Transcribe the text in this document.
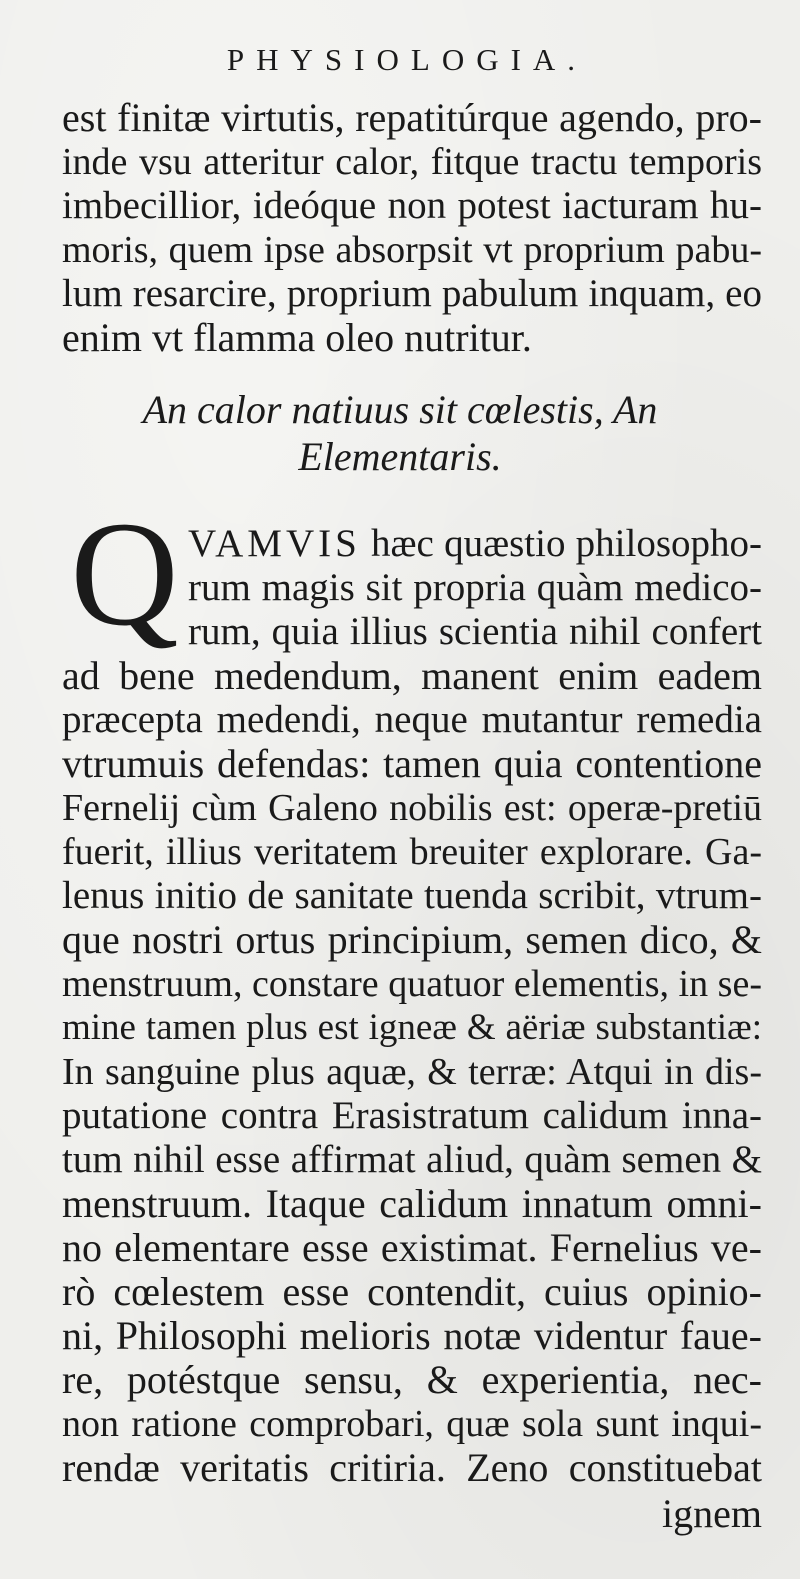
PHYSIOLOGIA.
est finitæ virtutis, repatitúrque agendo, pro-
inde vsu atteritur calor, fitque tractu temporis
imbecillior, ideóque non potest iacturam hu-
moris, quem ipse absorpsit vt proprium pabu-
lum resarcire, proprium pabulum inquam, eo
enim vt flamma oleo nutritur.
An calor natiuus sit cœlestis, An
Elementaris.
Q VAMVIS hæc quæstio philosopho-
rum magis sit propria quàm medico-
rum, quia illius scientia nihil confert
ad bene medendum, manent enim eadem
præcepta medendi, neque mutantur remedia
vtrumuis defendas: tamen quia contentione
Fernelij cùm Galeno nobilis est: operæ-pretiū
fuerit, illius veritatem breuiter explorare. Ga-
lenus initio de sanitate tuenda scribit, vtrum-
que nostri ortus principium, semen dico, &
menstruum, constare quatuor elementis, in se-
mine tamen plus est igneæ & aëriæ substantiæ:
In sanguine plus aquæ, & terræ: Atqui in dis-
putatione contra Erasistratum calidum inna-
tum nihil esse affirmat aliud, quàm semen &
menstruum. Itaque calidum innatum omni-
no elementare esse existimat. Fernelius ve-
rò cœlestem esse contendit, cuius opinio-
ni, Philosophi melioris notæ videntur faue-
re, potéstque sensu, & experientia, nec-
non ratione comprobari, quæ sola sunt inqui-
rendæ veritatis critiria. Zeno constituebat
ignem
